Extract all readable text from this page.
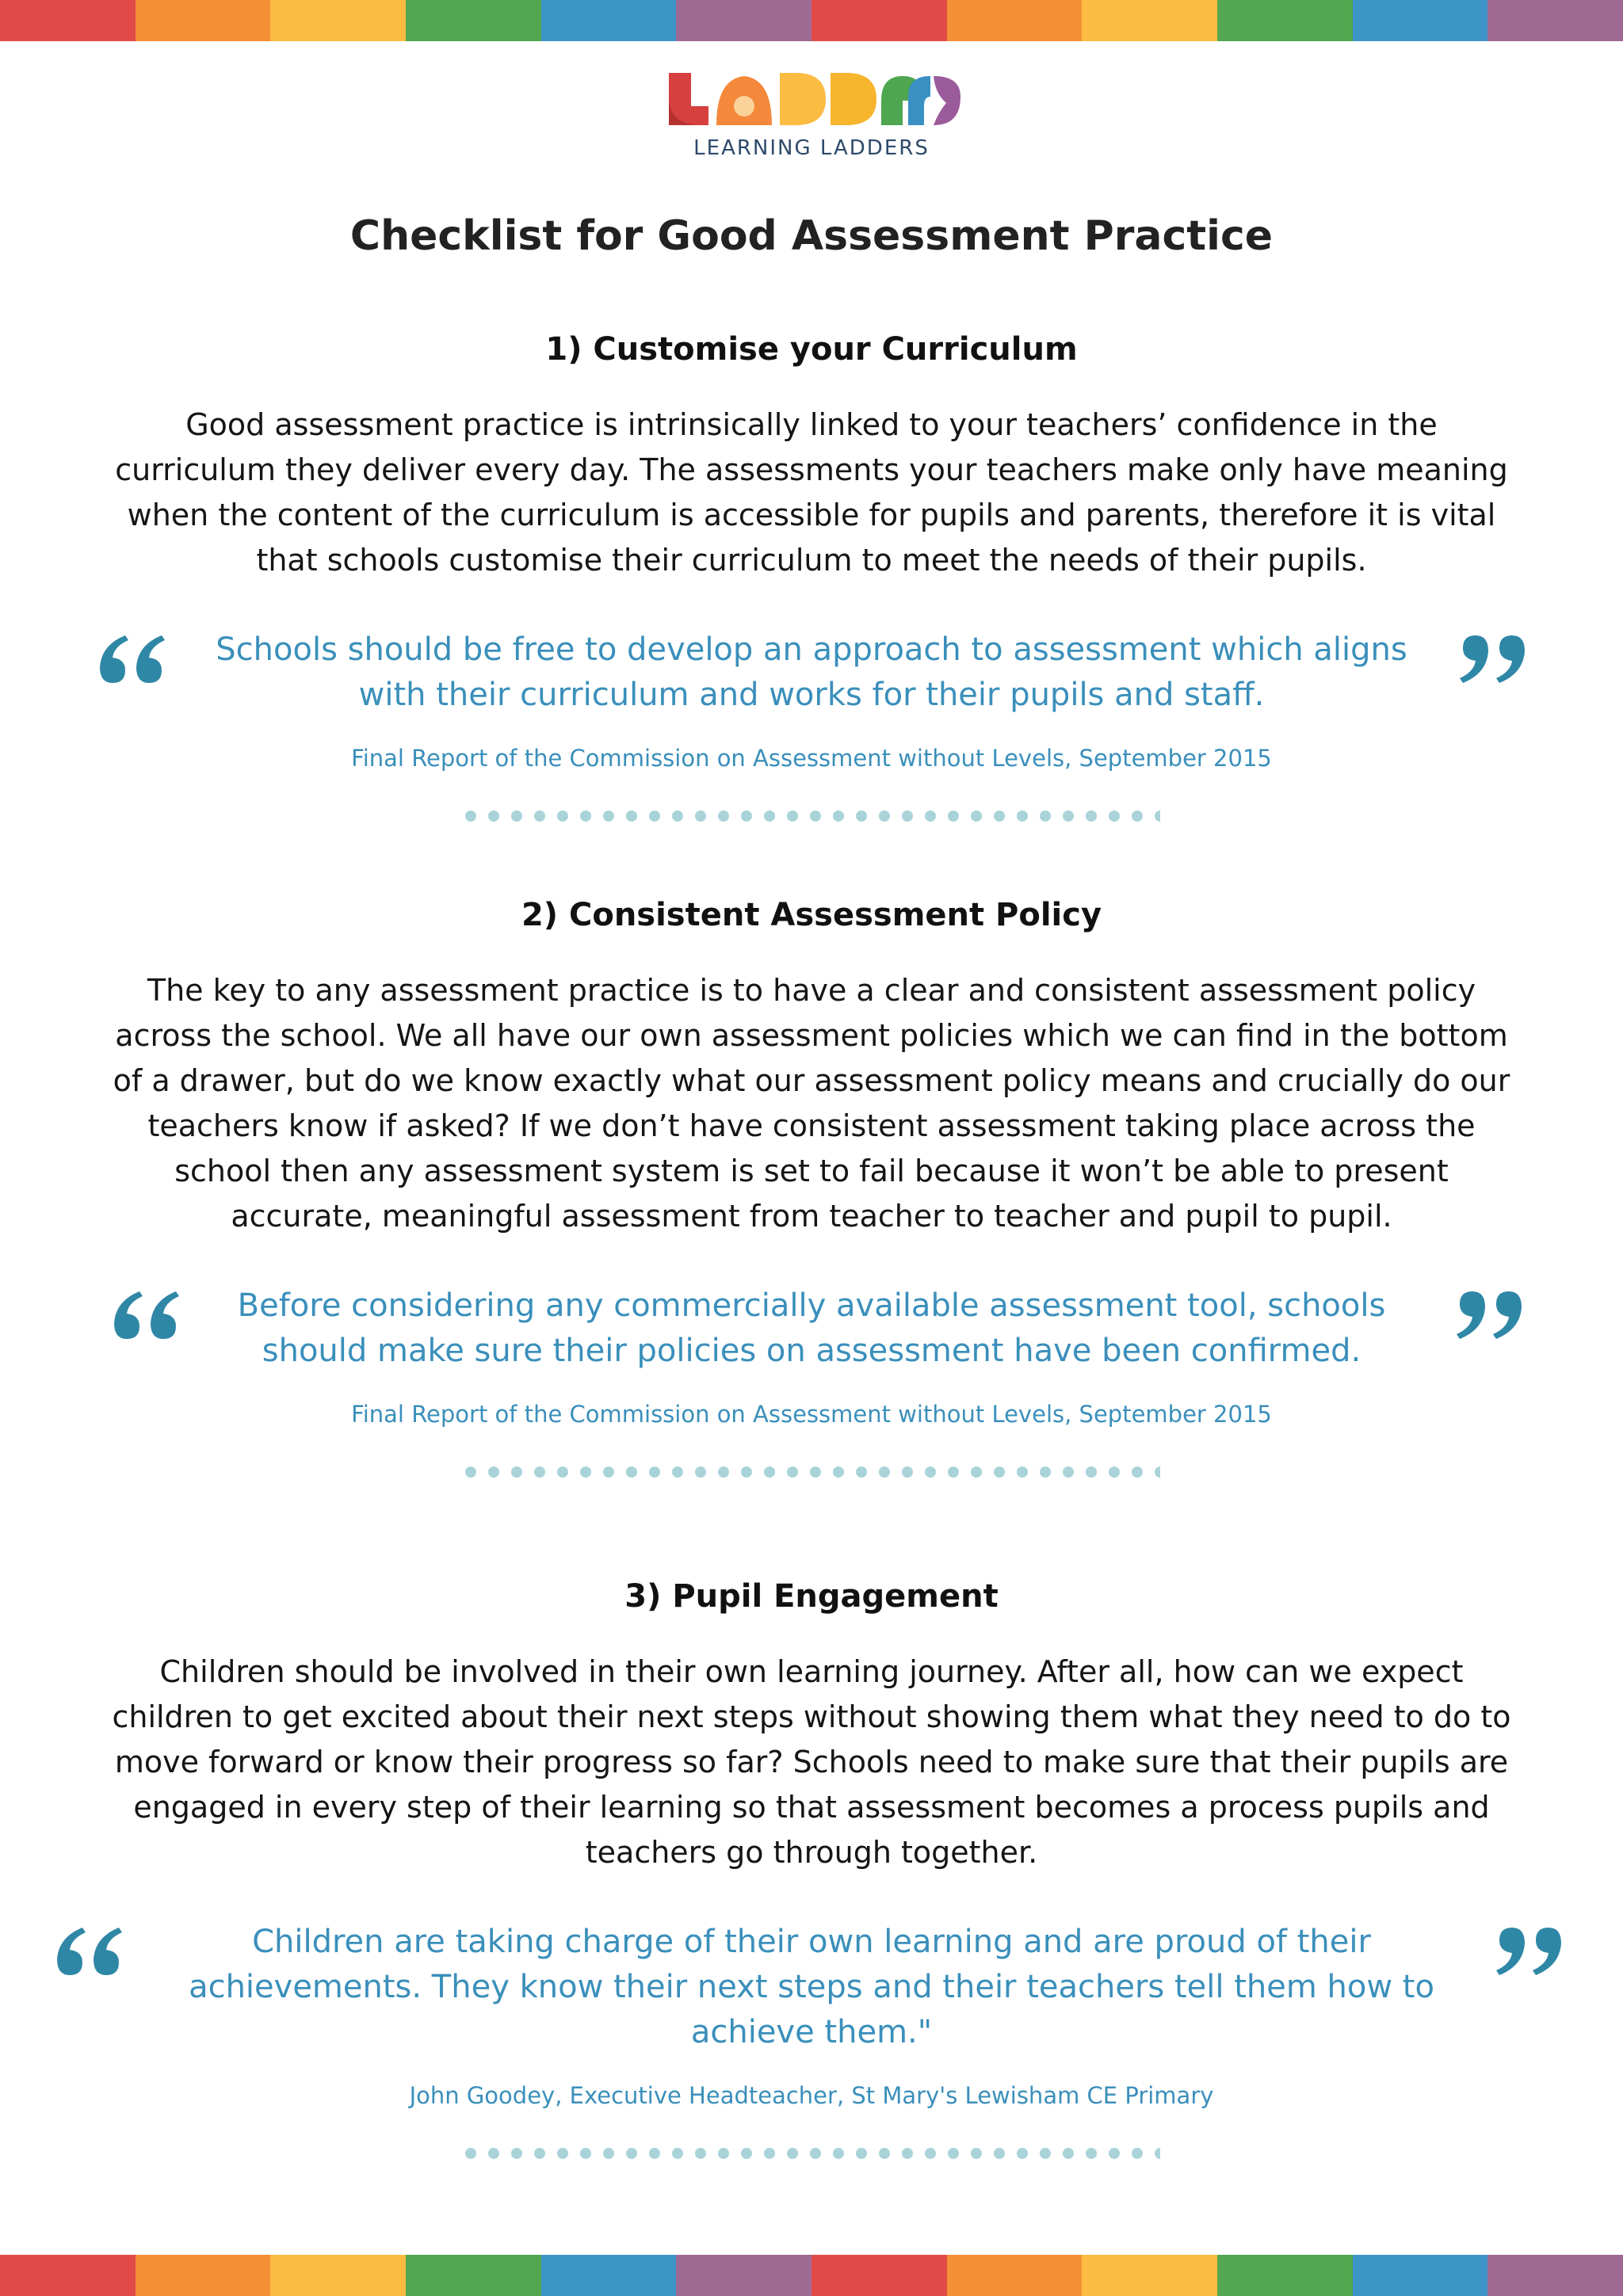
LEARNING LADDERS
Checklist for Good Assessment Practice
1) Customise your Curriculum

Good assessment practice is intrinsically linked to your teachers’ confidence in the curriculum they deliver every day. The assessments your teachers make only have meaning when the content of the curriculum is accessible for pupils and parents, therefore it is vital that schools customise their curriculum to meet the needs of their pupils.

Schools should be free to develop an approach to assessment which aligns with their curriculum and works for their pupils and staff.

Final Report of the Commission on Assessment without Levels, September 2015
2) Consistent Assessment Policy

The key to any assessment practice is to have a clear and consistent assessment policy across the school. We all have our own assessment policies which we can find in the bottom of a drawer, but do we know exactly what our assessment policy means and crucially do our teachers know if asked? If we don’t have consistent assessment taking place across the school then any assessment system is set to fail because it won’t be able to present accurate, meaningful assessment from teacher to teacher and pupil to pupil.

Before considering any commercially available assessment tool, schools should make sure their policies on assessment have been confirmed.

Final Report of the Commission on Assessment without Levels, September 2015
3) Pupil Engagement

Children should be involved in their own learning journey. After all, how can we expect children to get excited about their next steps without showing them what they need to do to move forward or know their progress so far? Schools need to make sure that their pupils are engaged in every step of their learning so that assessment becomes a process pupils and teachers go through together.

Children are taking charge of their own learning and are proud of their achievements. They know their next steps and their teachers tell them how to achieve them."

John Goodey, Executive Headteacher, St Mary's Lewisham CE Primary
